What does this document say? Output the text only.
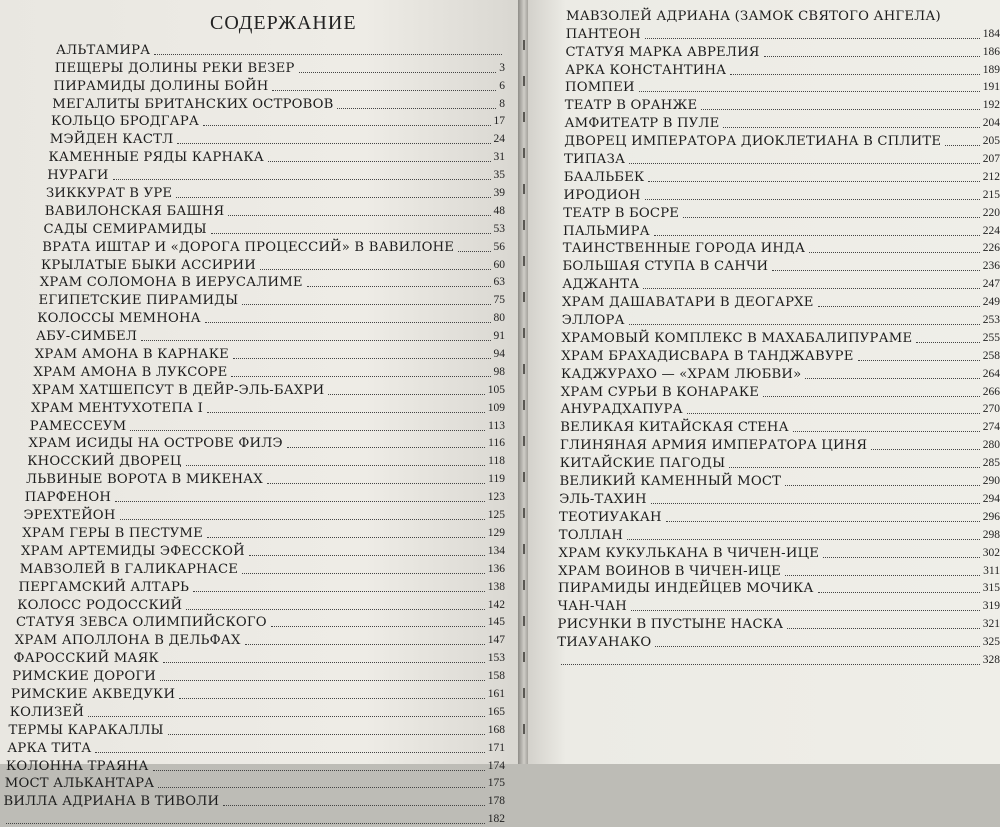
СОДЕРЖАНИЕ
АЛЬТАМИРА
ПЕЩЕРЫ ДОЛИНЫ РЕКИ ВЕЗЕР	3
ПИРАМИДЫ ДОЛИНЫ БОЙН	6
МЕГАЛИТЫ БРИТАНСКИХ ОСТРОВОВ	8
КОЛЬЦО БРОДГАРА	17
МЭЙДЕН КАСТЛ	24
КАМЕННЫЕ РЯДЫ КАРНАКА	31
НУРАГИ	35
ЗИККУРАТ В УРЕ	39
ВАВИЛОНСКАЯ БАШНЯ	48
САДЫ СЕМИРАМИДЫ	53
ВРАТА ИШТАР И «ДОРОГА ПРОЦЕССИЙ» В ВАВИЛОНЕ	56
КРЫЛАТЫЕ БЫКИ АССИРИИ	60
ХРАМ СОЛОМОНА В ИЕРУСАЛИМЕ	63
ЕГИПЕТСКИЕ ПИРАМИДЫ	75
КОЛОССЫ МЕМНОНА	80
АБУ-СИМБЕЛ	91
ХРАМ АМОНА В КАРНАКЕ	94
ХРАМ АМОНА В ЛУКСОРЕ	98
ХРАМ ХАТШЕПСУТ В ДЕЙР-ЭЛЬ-БАХРИ	105
ХРАМ МЕНТУХОТЕПА I	109
РАМЕССЕУМ	113
ХРАМ ИСИДЫ НА ОСТРОВЕ ФИЛЭ	116
КНОССКИЙ ДВОРЕЦ	118
ЛЬВИНЫЕ ВОРОТА В МИКЕНАХ	119
ПАРФЕНОН	123
ЭРЕХТЕЙОН	125
ХРАМ ГЕРЫ В ПЕСТУМЕ	129
ХРАМ АРТЕМИДЫ ЭФЕССКОЙ	134
МАВЗОЛЕЙ В ГАЛИКАРНАСЕ	136
ПЕРГАМСКИЙ АЛТАРЬ	138
КОЛОСС РОДОССКИЙ	142
СТАТУЯ ЗЕВСА ОЛИМПИЙСКОГО	145
ХРАМ АПОЛЛОНА В ДЕЛЬФАХ	147
ФАРОССКИЙ МАЯК	153
РИМСКИЕ ДОРОГИ	158
РИМСКИЕ АКВЕДУКИ	161
КОЛИЗЕЙ	165
ТЕРМЫ КАРАКАЛЛЫ	168
АРКА ТИТА	171
КОЛОННА ТРАЯНА	174
МОСТ АЛЬКАНТАРА	175
ВИЛЛА АДРИАНА В ТИВОЛИ	178
182
МАВЗОЛЕЙ АДРИАНА (ЗАМОК СВЯТОГО АНГЕЛА)
ПАНТЕОН	184
СТАТУЯ МАРКА АВРЕЛИЯ	186
АРКА КОНСТАНТИНА	189
ПОМПЕИ	191
ТЕАТР В ОРАНЖЕ	192
АМФИТЕАТР В ПУЛЕ	204
ДВОРЕЦ ИМПЕРАТОРА ДИОКЛЕТИАНА В СПЛИТЕ	205
ТИПАЗА	207
БААЛЬБЕК	212
ИРОДИОН	215
ТЕАТР В БОСРЕ	220
ПАЛЬМИРА	224
ТАИНСТВЕННЫЕ ГОРОДА ИНДА	226
БОЛЬШАЯ СТУПА В САНЧИ	236
АДЖАНТА	247
ХРАМ ДАШАВАТАРИ В ДЕОГАРХЕ	249
ЭЛЛОРА	253
ХРАМОВЫЙ КОМПЛЕКС В МАХАБАЛИПУРАМЕ	255
ХРАМ БРАХАДИСВАРА В ТАНДЖАВУРЕ	258
КАДЖУРАХО — «ХРАМ ЛЮБВИ»	264
ХРАМ СУРЬИ В КОНАРАКЕ	266
АНУРАДХАПУРА	270
ВЕЛИКАЯ КИТАЙСКАЯ СТЕНА	274
ГЛИНЯНАЯ АРМИЯ ИМПЕРАТОРА ЦИНЯ	280
КИТАЙСКИЕ ПАГОДЫ	285
ВЕЛИКИЙ КАМЕННЫЙ МОСТ	290
ЭЛЬ-ТАХИН	294
ТЕОТИУАКАН	296
ТОЛЛАН	298
ХРАМ КУКУЛЬКАНА В ЧИЧЕН-ИЦЕ	302
ХРАМ ВОИНОВ В ЧИЧЕН-ИЦЕ	311
ПИРАМИДЫ ИНДЕЙЦЕВ МОЧИКА	315
ЧАН-ЧАН	319
РИСУНКИ В ПУСТЫНЕ НАСКА	321
ТИАУАНАКО	325
328
